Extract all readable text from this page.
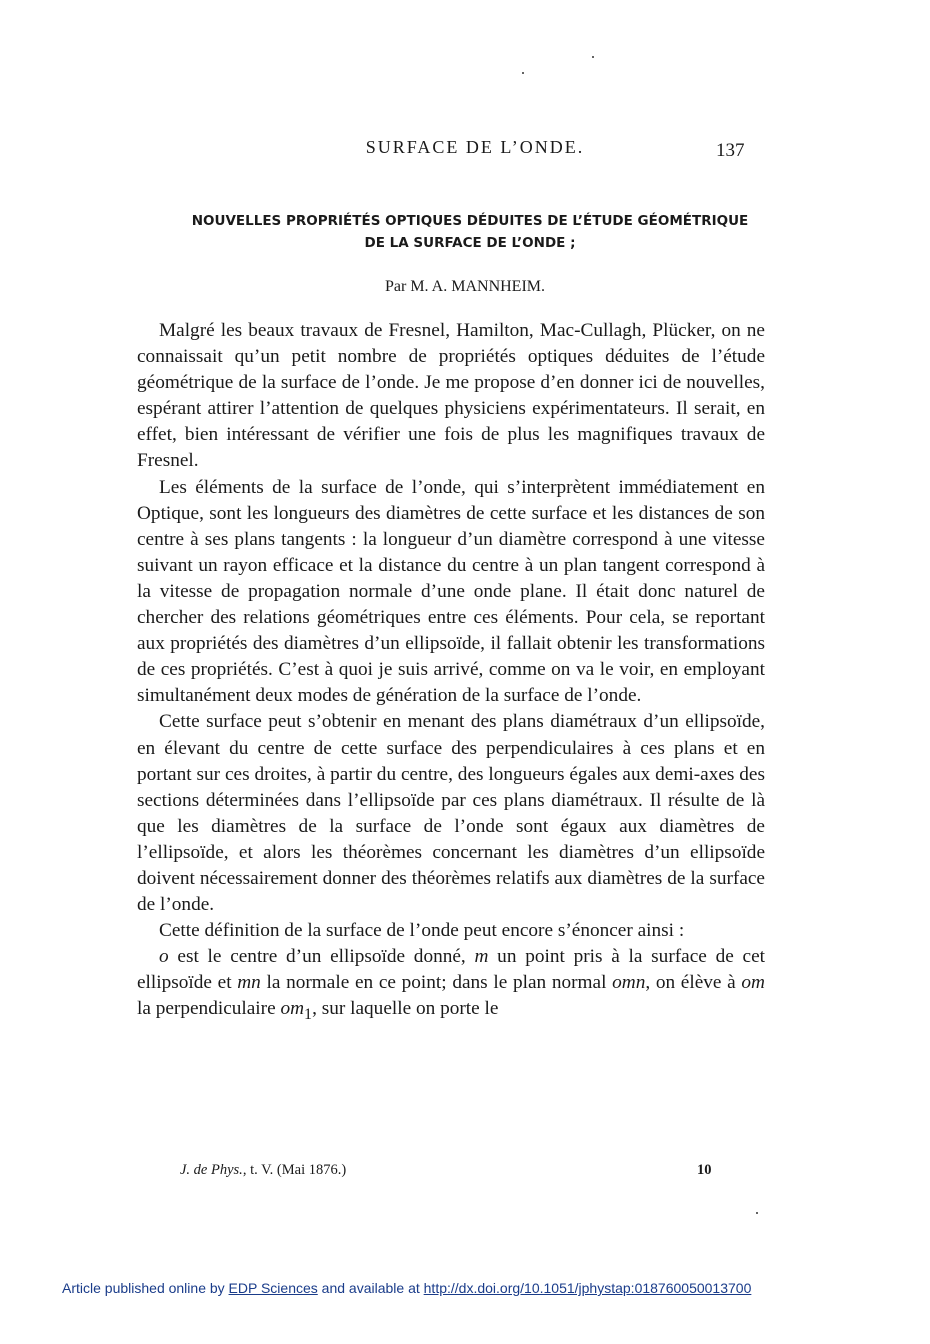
SURFACE DE L’ONDE.	137
NOUVELLES PROPRIÉTÉS OPTIQUES DÉDUITES DE L’ÉTUDE GÉOMÉTRIQUE
DE LA SURFACE DE L’ONDE ;
Par M. A. MANNHEIM.

Malgré les beaux travaux de Fresnel, Hamilton, Mac-Cullagh, Plücker, on ne connaissait qu’un petit nombre de propriétés optiques déduites de l’étude géométrique de la surface de l’onde. Je me propose d’en donner ici de nouvelles, espérant attirer l’attention de quelques physiciens expérimentateurs. Il serait, en effet, bien intéressant de vérifier une fois de plus les magnifiques travaux de Fresnel.

Les éléments de la surface de l’onde, qui s’interprètent immédiatement en Optique, sont les longueurs des diamètres de cette surface et les distances de son centre à ses plans tangents : la longueur d’un diamètre correspond à une vitesse suivant un rayon efficace et la distance du centre à un plan tangent correspond à la vitesse de propagation normale d’une onde plane. Il était donc naturel de chercher des relations géométriques entre ces éléments. Pour cela, se reportant aux propriétés des diamètres d’un ellipsoïde, il fallait obtenir les transformations de ces propriétés. C’est à quoi je suis arrivé, comme on va le voir, en employant simultanément deux modes de génération de la surface de l’onde.

Cette surface peut s’obtenir en menant des plans diamétraux d’un ellipsoïde, en élevant du centre de cette surface des perpendiculaires à ces plans et en portant sur ces droites, à partir du centre, des longueurs égales aux demi-axes des sections déterminées dans l’ellipsoïde par ces plans diamétraux. Il résulte de là que les diamètres de la surface de l’onde sont égaux aux diamètres de l’ellipsoïde, et alors les théorèmes concernant les diamètres d’un ellipsoïde doivent nécessairement donner des théorèmes relatifs aux diamètres de la surface de l’onde.

Cette définition de la surface de l’onde peut encore s’énoncer ainsi :

o est le centre d’un ellipsoïde donné, m un point pris à la surface de cet ellipsoïde et mn la normale en ce point; dans le plan normal omn, on élève à om la perpendiculaire $om_1$, sur laquelle on porte le

J. de Phys., t. V. (Mai 1876.)	10
Article published online by EDP Sciences and available at http://dx.doi.org/10.1051/jphystap:018760050013700
